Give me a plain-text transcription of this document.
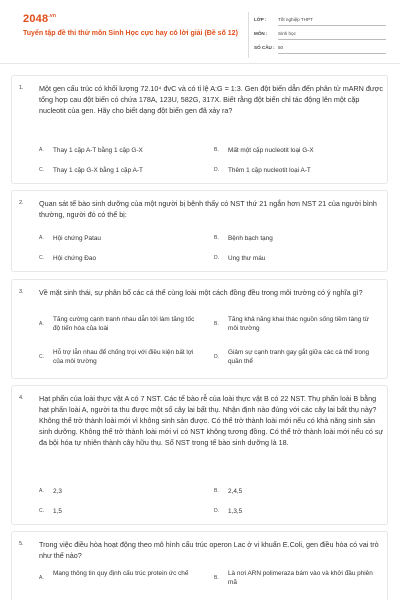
$2048^{.vn}$
Tuyển tập đề thi thử môn Sinh Học cực hay có lời giải (Đề số 12)
LỚP : Tốt nghiệp THPT
MÔN : Sinh học
SỐ CÂU : 50
1. Một gen cấu trúc có khối lượng 72.10⁴ đvC và có tỉ lệ A:G = 1:3. Gen đột biến dẫn đến phân tử mARN được tổng hợp cau đột biến có chứa 178A, 123U, 582G, 317X. Biết rằng đột biến chỉ tác động lên một cặp nucleotit của gen. Hãy cho biết dạng đột biến gen đã xảy ra?
A. Thay 1 cặp A-T bằng 1 cặp G-X	B. Mất một cặp nucleotit loại G-X
C. Thay 1 cặp G-X bằng 1 cặp A-T	D. Thêm 1 cặp nucleotit loại A-T
2. Quan sát tế bào sinh dưỡng của một người bị bệnh thấy có NST thứ 21 ngắn hơn NST 21 của người bình thường, người đó có thể bị:
A. Hội chứng Patau	B. Bệnh bạch tạng
C. Hội chứng Đao	D. Ung thư máu
3. Về mặt sinh thái, sự phân bố các cá thể cùng loài một cách đồng đều trong môi trường có ý nghĩa gì?
A.
Tăng cường cạnh tranh nhau dẫn tới làm tăng tốc độ tiến hóa của loài
B.
Tăng khả năng khai thác nguồn sống tiềm tàng từ môi trường
C.
Hỗ trợ lẫn nhau để chống trọi với điều kiện bất lợi của môi trường
D.
Giảm sự cạnh tranh gay gắt giữa các cá thể trong quần thể
4. Hạt phấn của loài thực vật A có 7 NST. Các tế bào rễ của loài thực vật B có 22 NST. Thụ phấn loài B bằng hạt phấn loài A, người ta thu được một số cây lai bất thụ. Nhận định nào đúng với các cây lai bất thụ này?
Không thể trở thành loài mới vì không sinh sản được. Có thể trở thành loài mới nếu có khả năng sinh sản sinh dưỡng. Không thể trở thành loài mới vì có NST không tương đồng. Có thể trở thành loài mới nếu có sự đa bội hóa tự nhiên thành cây hữu thụ. Số NST trong tế bào sinh dưỡng là 18.
A. 2,3	B. 2,4,5
C. 1,5	D. 1,3,5
5. Trong việc điều hòa hoạt động theo mô hình cấu trúc operon Lac ở vi khuẩn E.Coli, gen điều hòa có vai trò như thế nào?
A.
Mang thông tin quy định cấu trúc protein ức chế
B.
Là nơi ARN polimeraza bám vào và khởi đầu phiên mã
